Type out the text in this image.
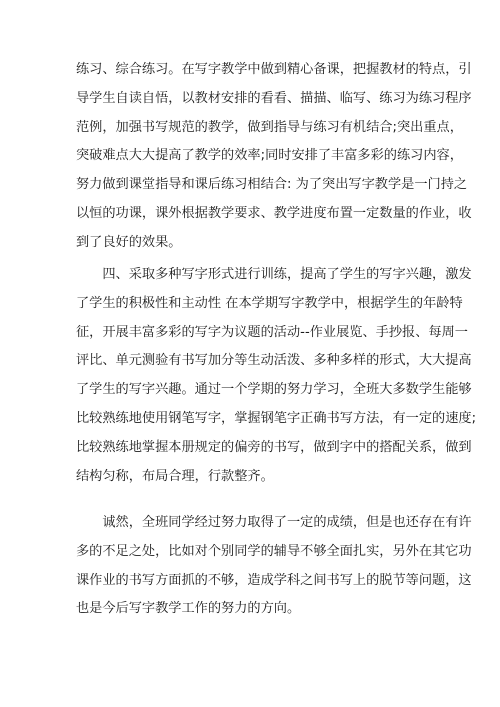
练习、综合练习。在写字教学中做到精心备课，把握教材的特点，引
导学生自读自悟，以教材安排的看看、描描、临写、练习为练习程序
范例，加强书写规范的教学，做到指导与练习有机结合;突出重点，
突破难点大大提高了教学的效率;同时安排了丰富多彩的练习内容，
努力做到课堂指导和课后练习相结合: 为了突出写字教学是一门持之
以恒的功课，课外根据教学要求、教学进度布置一定数量的作业，收
到了良好的效果。
　　四、采取多种写字形式进行训练，提高了学生的写字兴趣，激发
了学生的积极性和主动性 在本学期写字教学中，根据学生的年龄特
征，开展丰富多彩的写字为议题的活动--作业展览、手抄报、每周一
评比、单元测验有书写加分等生动活泼、多种多样的形式，大大提高
了学生的写字兴趣。通过一个学期的努力学习，全班大多数学生能够
比较熟练地使用钢笔写字，掌握钢笔字正确书写方法，有一定的速度;
比较熟练地掌握本册规定的偏旁的书写，做到字中的搭配关系，做到
结构匀称，布局合理，行款整齐。
　　诚然，全班同学经过努力取得了一定的成绩，但是也还存在有许
多的不足之处，比如对个别同学的辅导不够全面扎实，另外在其它功
课作业的书写方面抓的不够，造成学科之间书写上的脱节等问题，这
也是今后写字教学工作的努力的方向。
